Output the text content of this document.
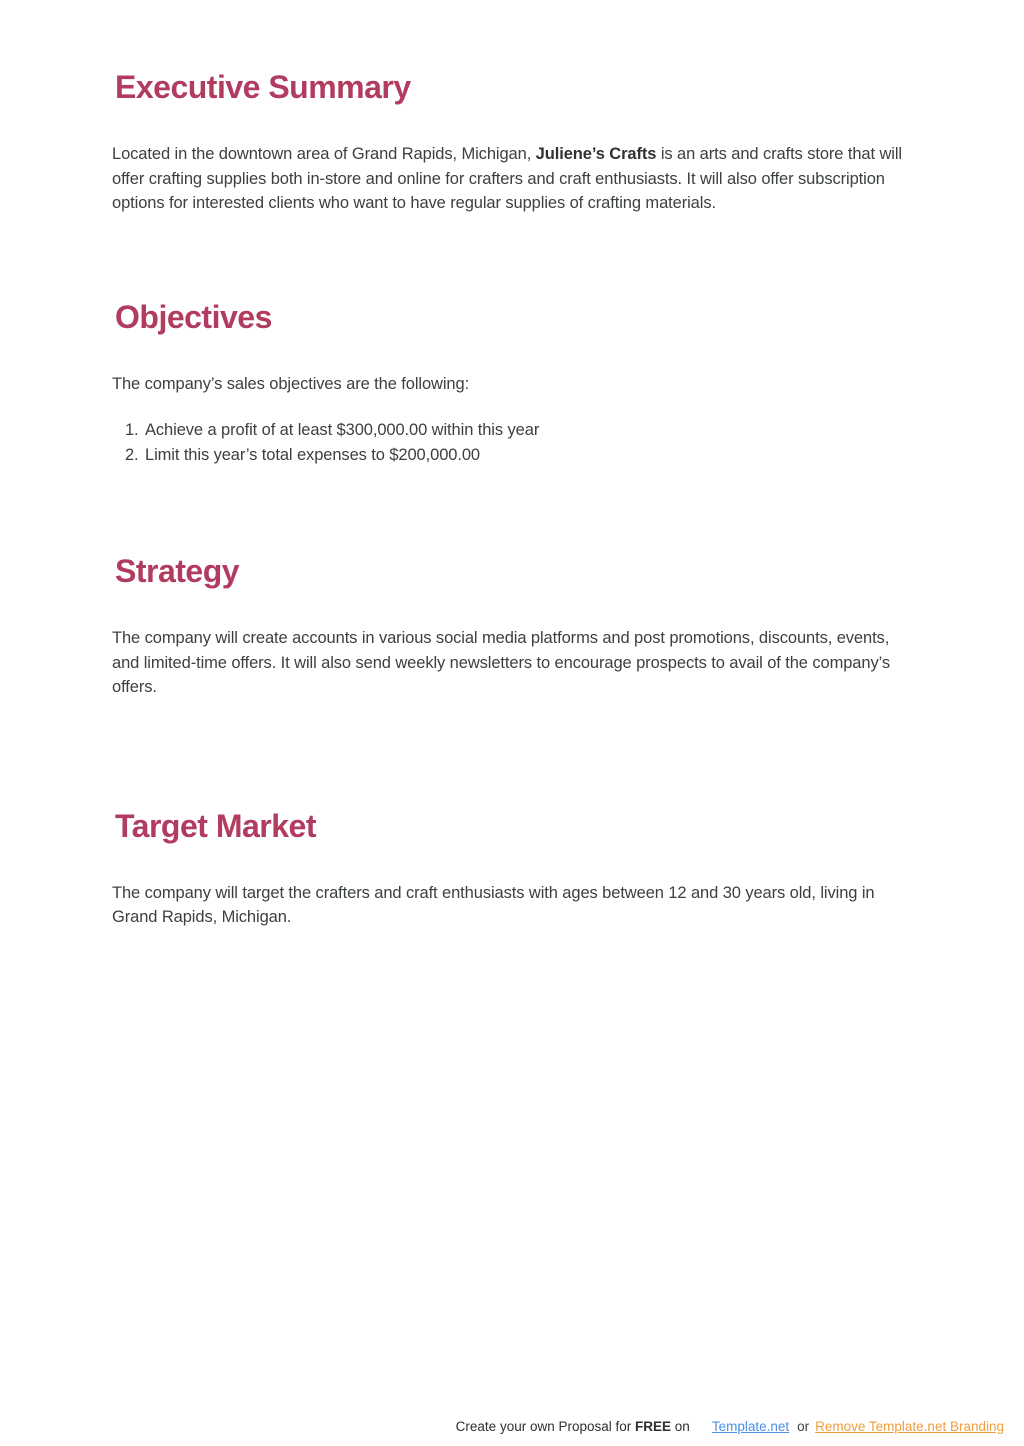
Executive Summary

Located in the downtown area of Grand Rapids, Michigan, Juliene’s Crafts is an arts and crafts store that will offer crafting supplies both in-store and online for crafters and craft enthusiasts. It will also offer subscription options for interested clients who want to have regular supplies of crafting materials.

Objectives

The company’s sales objectives are the following:

1. Achieve a profit of at least $300,000.00 within this year
2. Limit this year’s total expenses to $200,000.00
Strategy

The company will create accounts in various social media platforms and post promotions, discounts, events, and limited-time offers. It will also send weekly newsletters to encourage prospects to avail of the company’s offers.

Target Market

The company will target the crafters and craft enthusiasts with ages between 12 and 30 years old, living in Grand Rapids, Michigan.

Create your own Proposal for FREE on Template.net or Remove Template.net Branding
